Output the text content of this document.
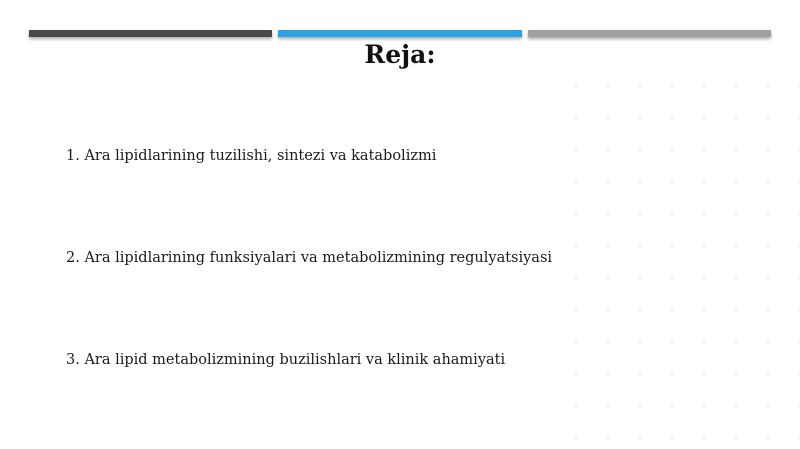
Reja:
1. Ara lipidlarining tuzilishi, sintezi va katabolizmi
2. Ara lipidlarining funksiyalari va metabolizmining regulyatsiyasi
3. Ara lipid metabolizmining buzilishlari va klinik ahamiyati
